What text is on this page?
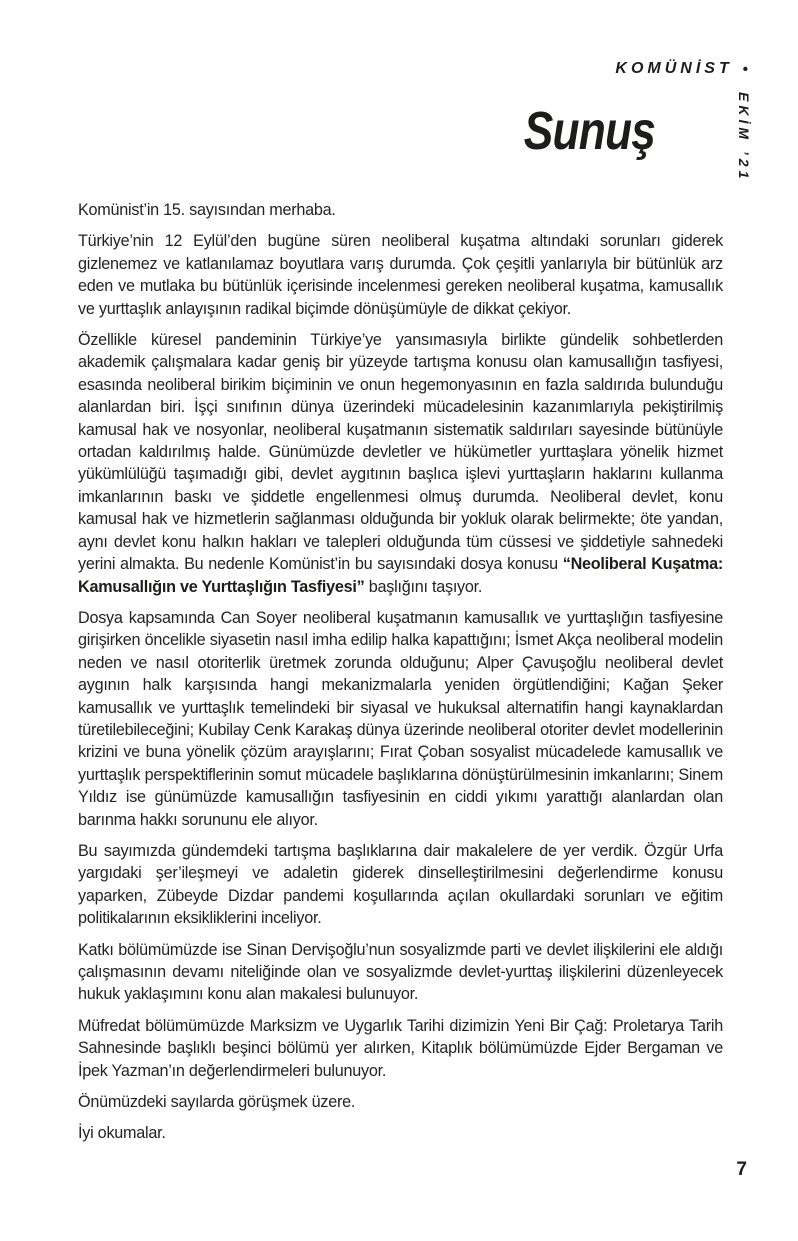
KOMÜNİST •
EKİM ’21
Sunuş

Komünist’in 15. sayısından merhaba.

Türkiye’nin 12 Eylül’den bugüne süren neoliberal kuşatma altındaki sorunları giderek gizlenemez ve katlanılamaz boyutlara varış durumda. Çok çeşitli yanlarıyla bir bütünlük arz eden ve mutlaka bu bütünlük içerisinde incelenmesi gereken neoliberal kuşatma, kamusallık ve yurttaşlık anlayışının radikal biçimde dönüşümüyle de dikkat çekiyor.

Özellikle küresel pandeminin Türkiye’ye yansımasıyla birlikte gündelik sohbetlerden akademik çalışmalara kadar geniş bir yüzeyde tartışma konusu olan kamusallığın tasfiyesi, esasında neoliberal birikim biçiminin ve onun hegemonyasının en fazla saldırıda bulunduğu alanlardan biri. İşçi sınıfının dünya üzerindeki mücadelesinin kazanımlarıyla pekiştirilmiş kamusal hak ve nosyonlar, neoliberal kuşatmanın sistematik saldırıları sayesinde bütünüyle ortadan kaldırılmış halde. Günümüzde devletler ve hükümetler yurttaşlara yönelik hizmet yükümlülüğü taşımadığı gibi, devlet aygıtının başlıca işlevi yurttaşların haklarını kullanma imkanlarının baskı ve şiddetle engellenmesi olmuş durumda. Neoliberal devlet, konu kamusal hak ve hizmetlerin sağlanması olduğunda bir yokluk olarak belirmekte; öte yandan, aynı devlet konu halkın hakları ve talepleri olduğunda tüm cüssesi ve şiddetiyle sahnedeki yerini almakta. Bu nedenle Komünist’in bu sayısındaki dosya konusu “Neoliberal Kuşatma: Kamusallığın ve Yurttaşlığın Tasfiyesi” başlığını taşıyor.

Dosya kapsamında Can Soyer neoliberal kuşatmanın kamusallık ve yurttaşlığın tasfiyesine girişirken öncelikle siyasetin nasıl imha edilip halka kapattığını; İsmet Akça neoliberal modelin neden ve nasıl otoriterlik üretmek zorunda olduğunu; Alper Çavuşoğlu neoliberal devlet aygının halk karşısında hangi mekanizmalarla yeniden örgütlendiğini; Kağan Şeker kamusallık ve yurttaşlık temelindeki bir siyasal ve hukuksal alternatifin hangi kaynaklardan türetilebileceğini; Kubilay Cenk Karakaş dünya üzerinde neoliberal otoriter devlet modellerinin krizini ve buna yönelik çözüm arayışlarını; Fırat Çoban sosyalist mücadelede kamusallık ve yurttaşlık perspektiflerinin somut mücadele başlıklarına dönüştürülmesinin imkanlarını; Sinem Yıldız ise günümüzde kamusallığın tasfiyesinin en ciddi yıkımı yarattığı alanlardan olan barınma hakkı sorununu ele alıyor.

Bu sayımızda gündemdeki tartışma başlıklarına dair makalelere de yer verdik. Özgür Urfa yargıdaki şer’ileşmeyi ve adaletin giderek dinselleştirilmesini değerlendirme konusu yaparken, Zübeyde Dizdar pandemi koşullarında açılan okullardaki sorunları ve eğitim politikalarının eksikliklerini inceliyor.

Katkı bölümümüzde ise Sinan Dervişoğlu’nun sosyalizmde parti ve devlet ilişkilerini ele aldığı çalışmasının devamı niteliğinde olan ve sosyalizmde devlet-yurttaş ilişkilerini düzenleyecek hukuk yaklaşımını konu alan makalesi bulunuyor.

Müfredat bölümümüzde Marksizm ve Uygarlık Tarihi dizimizin Yeni Bir Çağ: Proletarya Tarih Sahnesinde başlıklı beşinci bölümü yer alırken, Kitaplık bölümümüzde Ejder Bergaman ve İpek Yazman’ın değerlendirmeleri bulunuyor.

Önümüzdeki sayılarda görüşmek üzere.

İyi okumalar.

7
